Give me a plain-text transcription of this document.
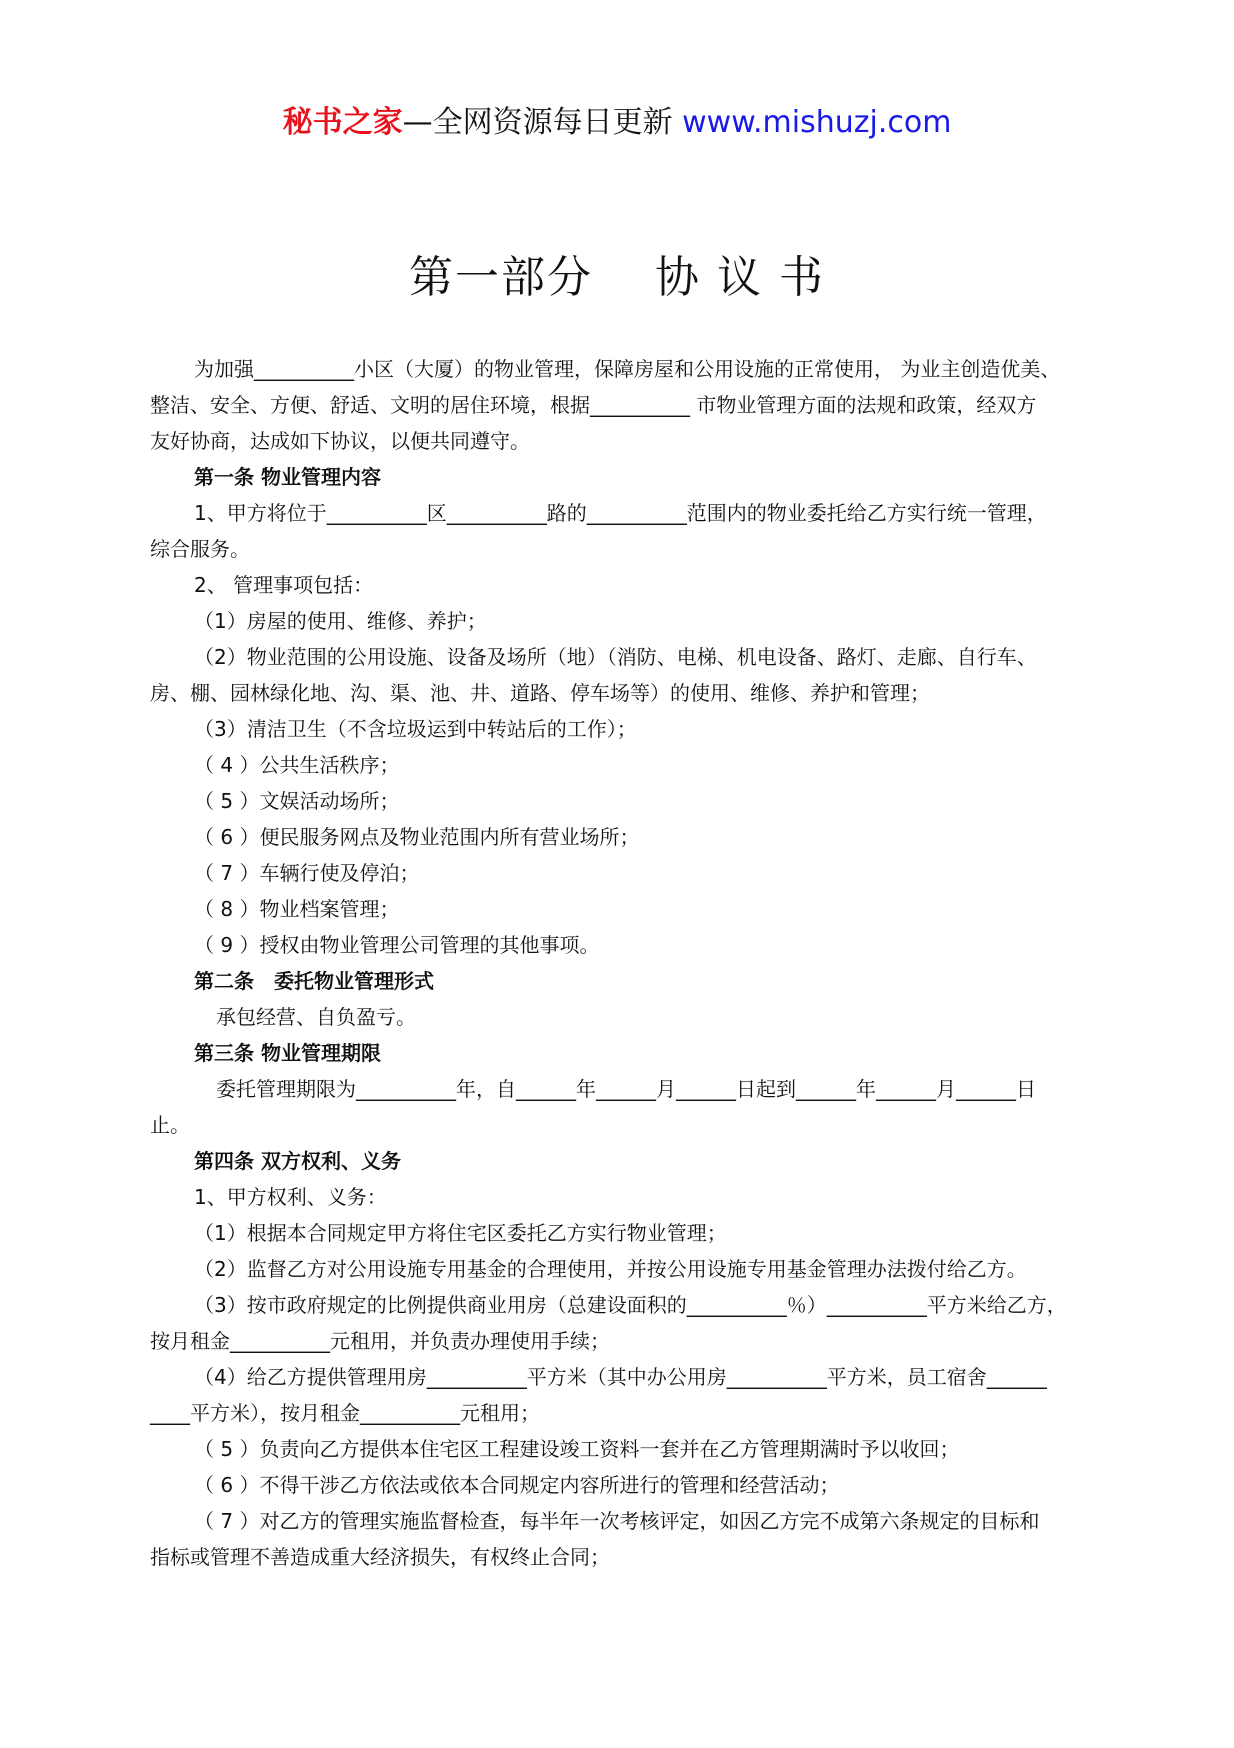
秘书之家—全网资源每日更新 www.mishuzj.com
第一部分　 协 议 书

为加强__________小区（大厦）的物业管理，保障房屋和公用设施的正常使用， 为业主创造优美、

整洁、安全、方便、舒适、文明的居住环境，根据__________ 市物业管理方面的法规和政策，经双方

友好协商，达成如下协议，以便共同遵守。

第一条 物业管理内容

1、甲方将位于__________区__________路的__________范围内的物业委托给乙方实行统一管理，

综合服务。

2、 管理事项包括：

（1）房屋的使用、维修、养护；

（2）物业范围的公用设施、设备及场所（地）（消防、电梯、机电设备、路灯、走廊、自行车、

房、棚、园林绿化地、沟、渠、池、井、道路、停车场等）的使用、维修、养护和管理；

（3）清洁卫生（不含垃圾运到中转站后的工作）；

（ 4 ）公共生活秩序；

（ 5 ）文娱活动场所；

（ 6 ）便民服务网点及物业范围内所有营业场所；

（ 7 ）车辆行使及停泊；

（ 8 ）物业档案管理；

（ 9 ）授权由物业管理公司管理的其他事项。

第二条　委托物业管理形式

承包经营、自负盈亏。

第三条 物业管理期限

委托管理期限为__________年，自______年______月______日起到______年______月______日

止。

第四条 双方权利、义务

1、甲方权利、义务：

（1）根据本合同规定甲方将住宅区委托乙方实行物业管理；

（2）监督乙方对公用设施专用基金的合理使用，并按公用设施专用基金管理办法拨付给乙方。

（3）按市政府规定的比例提供商业用房（总建设面积的__________％）__________平方米给乙方，

按月租金__________元租用，并负责办理使用手续；

（4）给乙方提供管理用房__________平方米（其中办公用房__________平方米，员工宿舍______

____平方米），按月租金__________元租用；

（ 5 ）负责向乙方提供本住宅区工程建设竣工资料一套并在乙方管理期满时予以收回；

（ 6 ）不得干涉乙方依法或依本合同规定内容所进行的管理和经营活动；

（ 7 ）对乙方的管理实施监督检查，每半年一次考核评定，如因乙方完不成第六条规定的目标和

指标或管理不善造成重大经济损失，有权终止合同；
